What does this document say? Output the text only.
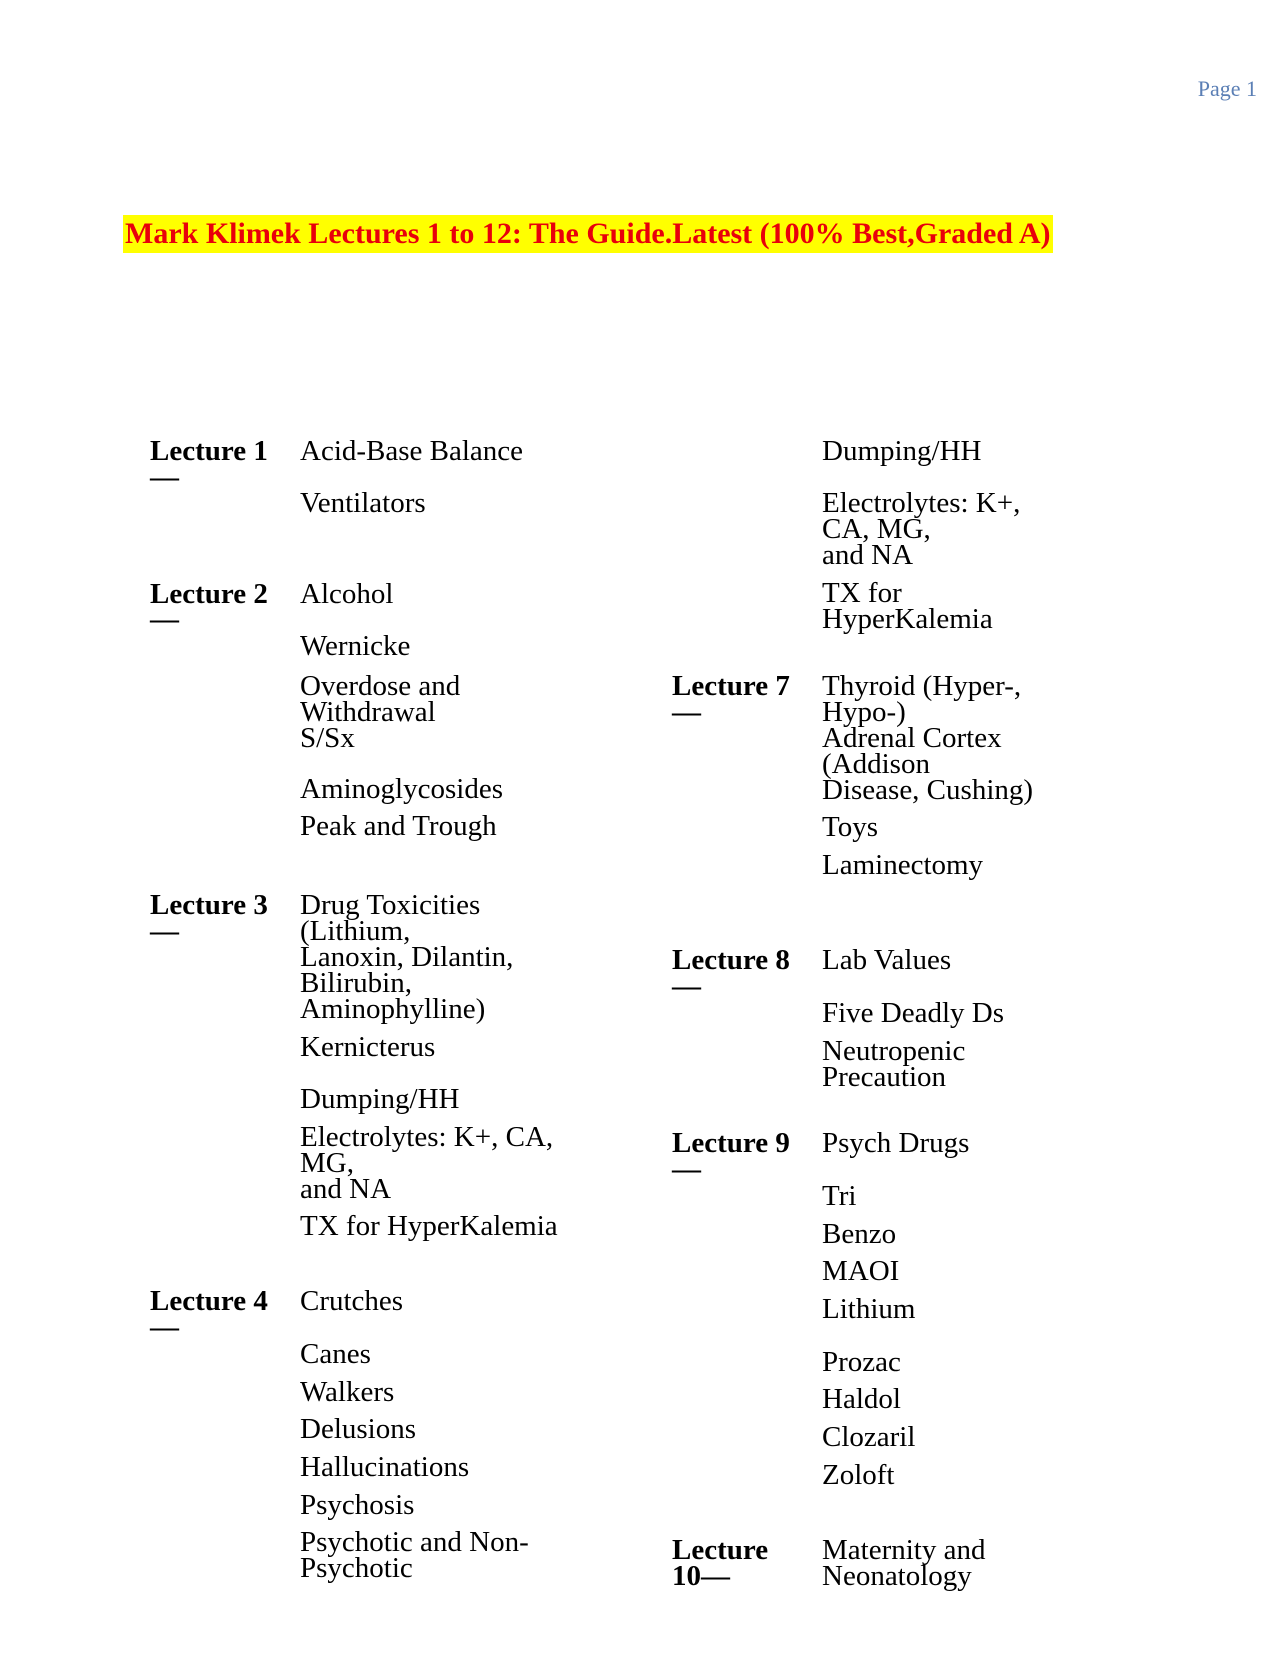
Page 1
Mark Klimek Lectures 1 to 12: The Guide.Latest (100% Best,Graded A)
Lecture 1
—
Acid-Base Balance
Ventilators
Lecture 2
—
Alcohol
Wernicke
Overdose and
Withdrawal
S/Sx
Aminoglycosides
Peak and Trough
Lecture 3
—
Drug Toxicities
(Lithium,
Lanoxin, Dilantin,
Bilirubin,
Aminophylline)
Kernicterus
Dumping/HH
Electrolytes: K+, CA,
MG,
and NA
TX for HyperKalemia
Lecture 4
—
Crutches
Canes
Walkers
Delusions
Hallucinations
Psychosis
Psychotic and Non-
Psychotic
Dumping/HH
Electrolytes: K+,
CA, MG,
and NA
TX for
HyperKalemia
Lecture 7
—
Thyroid (Hyper-,
Hypo-)
Adrenal Cortex
(Addison
Disease, Cushing)
Toys
Laminectomy
Lecture 8
—
Lab Values
Five Deadly Ds
Neutropenic
Precaution
Lecture 9
—
Psych Drugs
Tri
Benzo
MAOI
Lithium
Prozac
Haldol
Clozaril
Zoloft
Lecture
10—
Maternity and
Neonatology
